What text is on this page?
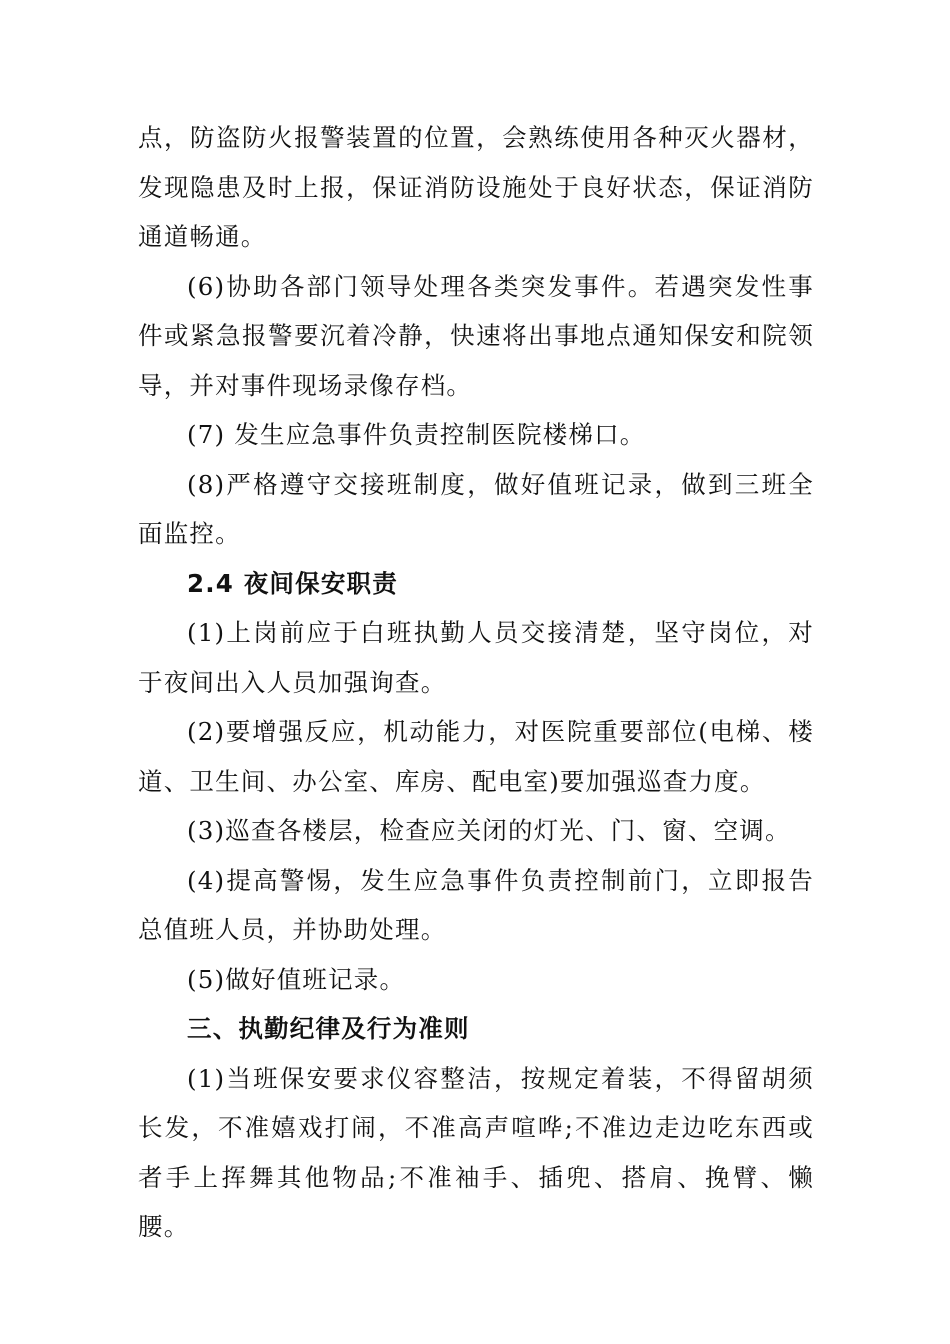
点，防盗防火报警装置的位置，会熟练使用各种灭火器材，发现隐患及时上报，保证消防设施处于良好状态，保证消防通道畅通。

(6)协助各部门领导处理各类突发事件。若遇突发性事件或紧急报警要沉着冷静，快速将出事地点通知保安和院领导，并对事件现场录像存档。

(7) 发生应急事件负责控制医院楼梯口。

(8)严格遵守交接班制度，做好值班记录，做到三班全面监控。

2.4 夜间保安职责

(1)上岗前应于白班执勤人员交接清楚，坚守岗位，对于夜间出入人员加强询查。

(2)要增强反应，机动能力，对医院重要部位(电梯、楼道、卫生间、办公室、库房、配电室)要加强巡查力度。

(3)巡查各楼层，检查应关闭的灯光、门、窗、空调。

(4)提高警惕，发生应急事件负责控制前门，立即报告总值班人员，并协助处理。

(5)做好值班记录。

三、执勤纪律及行为准则

(1)当班保安要求仪容整洁，按规定着装，不得留胡须长发，不准嬉戏打闹，不准高声喧哗;不准边走边吃东西或者手上挥舞其他物品;不准袖手、插兜、搭肩、挽臂、懒腰。
